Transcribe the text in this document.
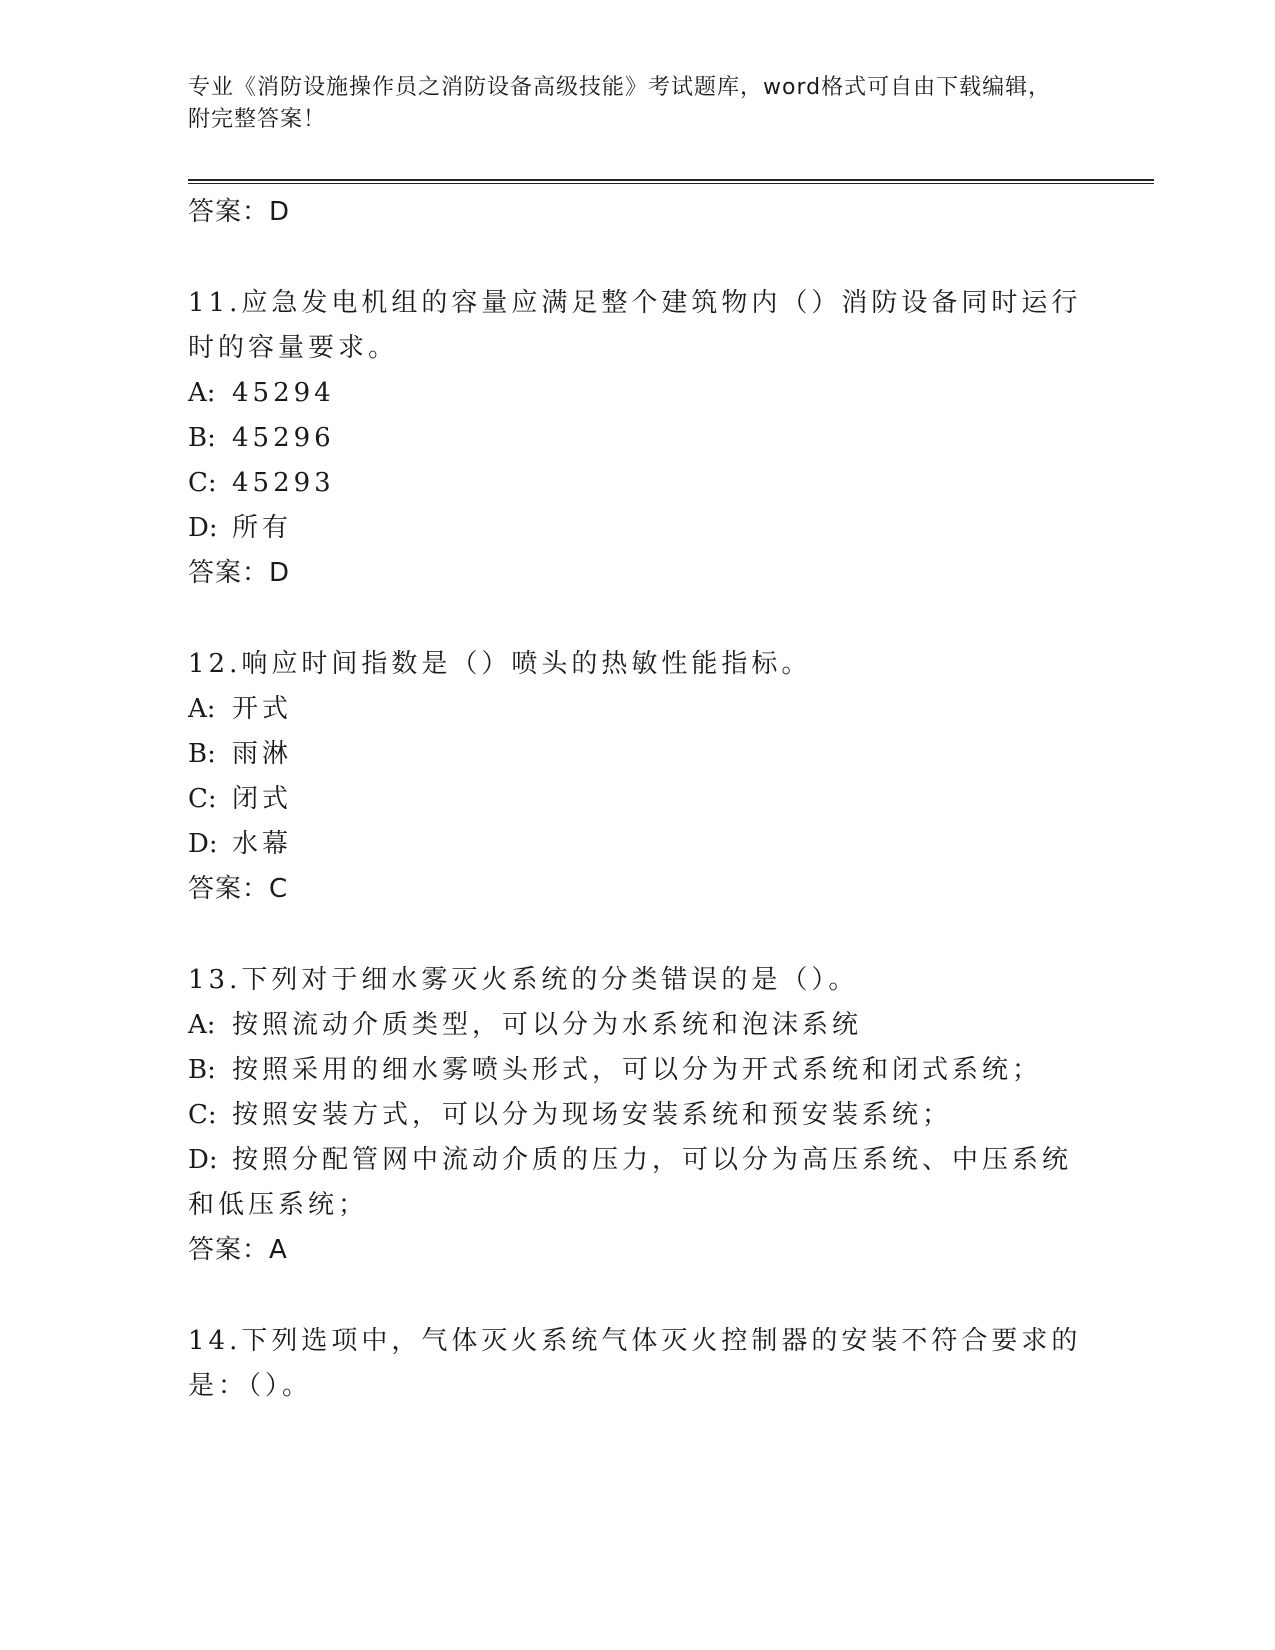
专业《消防设施操作员之消防设备高级技能》考试题库，word格式可自由下载编辑，附完整答案！
答案：D
11.应急发电机组的容量应满足整个建筑物内（）消防设备同时运行时的容量要求。
A: 45294
B: 45296
C: 45293
D: 所有
答案：D
12.响应时间指数是（）喷头的热敏性能指标。
A: 开式
B: 雨淋
C: 闭式
D: 水幕
答案：C
13.下列对于细水雾灭火系统的分类错误的是（）。
A: 按照流动介质类型，可以分为水系统和泡沫系统
B: 按照采用的细水雾喷头形式，可以分为开式系统和闭式系统；
C: 按照安装方式，可以分为现场安装系统和预安装系统；
D: 按照分配管网中流动介质的压力，可以分为高压系统、中压系统和低压系统；
答案：A
14.下列选项中，气体灭火系统气体灭火控制器的安装不符合要求的是：（）。
